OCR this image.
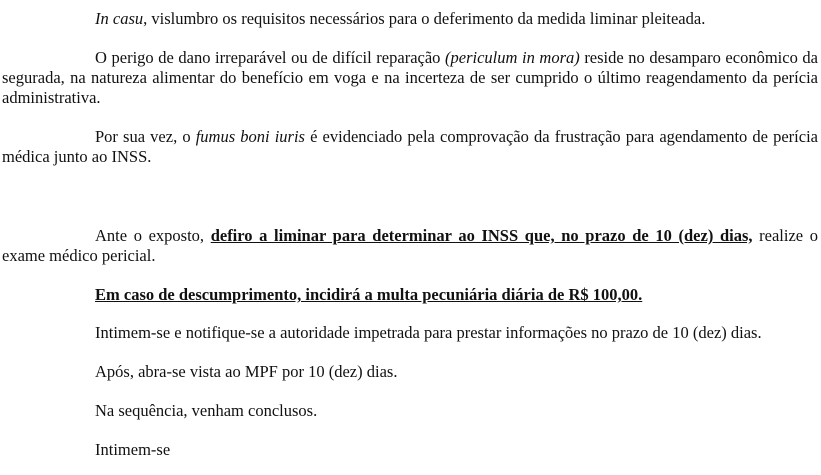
In casu, vislumbro os requisitos necessários para o deferimento da medida liminar pleiteada.

O perigo de dano irreparável ou de difícil reparação (periculum in mora) reside no desamparo econômico da segurada, na natureza alimentar do benefício em voga e na incerteza de ser cumprido o último reagendamento da perícia administrativa.

Por sua vez, o fumus boni iuris é evidenciado pela comprovação da frustração para agendamento de perícia médica junto ao INSS.

Ante o exposto, defiro a liminar para determinar ao INSS que, no prazo de 10 (dez) dias, realize o exame médico pericial.

Em caso de descumprimento, incidirá a multa pecuniária diária de R$ 100,00.

Intimem-se e notifique-se a autoridade impetrada para prestar informações no prazo de 10 (dez) dias.

Após, abra-se vista ao MPF por 10 (dez) dias.

Na sequência, venham conclusos.

Intimem-se
